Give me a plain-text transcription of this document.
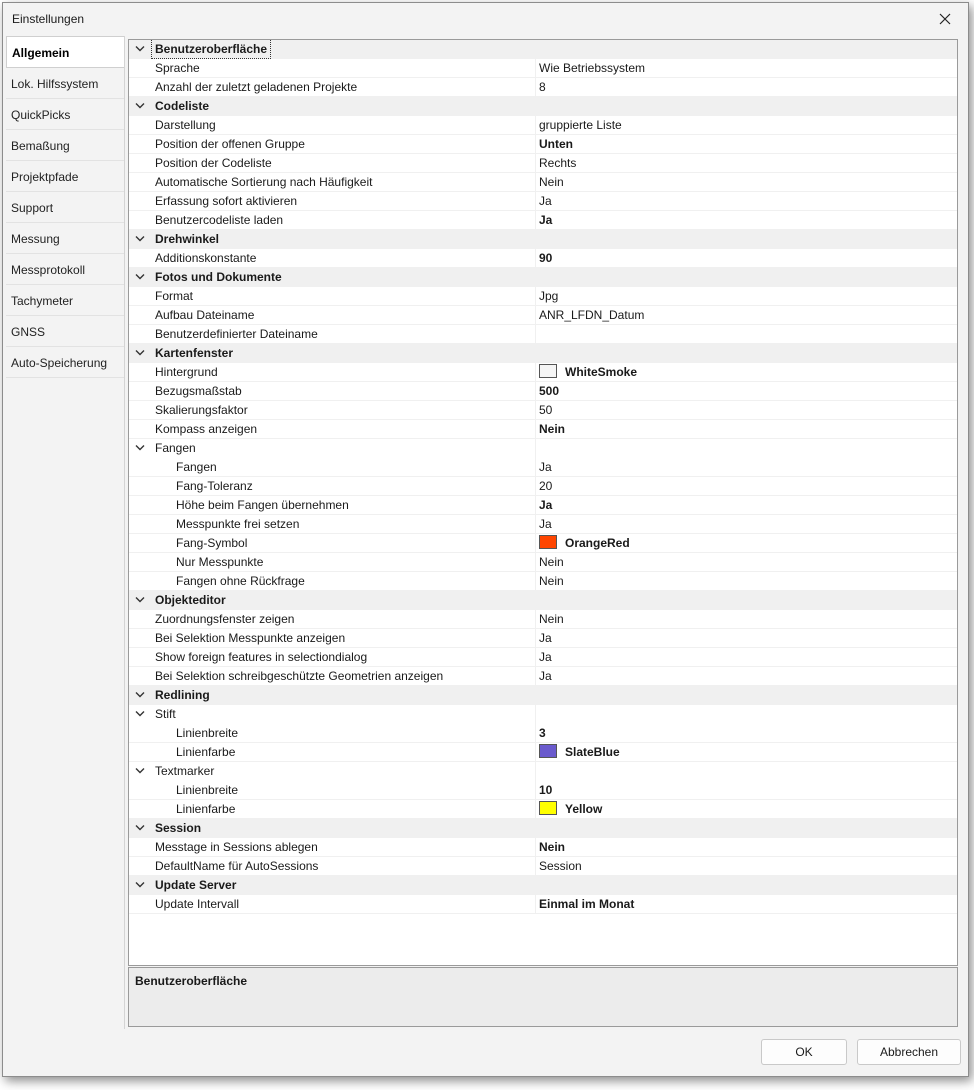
Einstellungen
Allgemein
Lok. Hilfssystem
QuickPicks
Bemaßung
Projektpfade
Support
Messung
Messprotokoll
Tachymeter
GNSS
Auto-Speicherung
Benutzeroberfläche
Sprache	Wie Betriebssystem
Anzahl der zuletzt geladenen Projekte	8
Codeliste
Darstellung	gruppierte Liste
Position der offenen Gruppe	Unten
Position der Codeliste	Rechts
Automatische Sortierung nach Häufigkeit	Nein
Erfassung sofort aktivieren	Ja
Benutzercodeliste laden	Ja
Drehwinkel
Additionskonstante	90
Fotos und Dokumente
Format	Jpg
Aufbau Dateiname	ANR_LFDN_Datum
Benutzerdefinierter Dateiname
Kartenfenster
Hintergrund	WhiteSmoke
Bezugsmaßstab	500
Skalierungsfaktor	50
Kompass anzeigen	Nein
Fangen
Fangen	Ja
Fang-Toleranz	20
Höhe beim Fangen übernehmen	Ja
Messpunkte frei setzen	Ja
Fang-Symbol	OrangeRed
Nur Messpunkte	Nein
Fangen ohne Rückfrage	Nein
Objekteditor
Zuordnungsfenster zeigen	Nein
Bei Selektion Messpunkte anzeigen	Ja
Show foreign features in selectiondialog	Ja
Bei Selektion schreibgeschützte Geometrien anzeigen	Ja
Redlining
Stift
Linienbreite	3
Linienfarbe	SlateBlue
Textmarker
Linienbreite	10
Linienfarbe	Yellow
Session
Messtage in Sessions ablegen	Nein
DefaultName für AutoSessions	Session
Update Server
Update Intervall	Einmal im Monat
Benutzeroberfläche
OK	Abbrechen
